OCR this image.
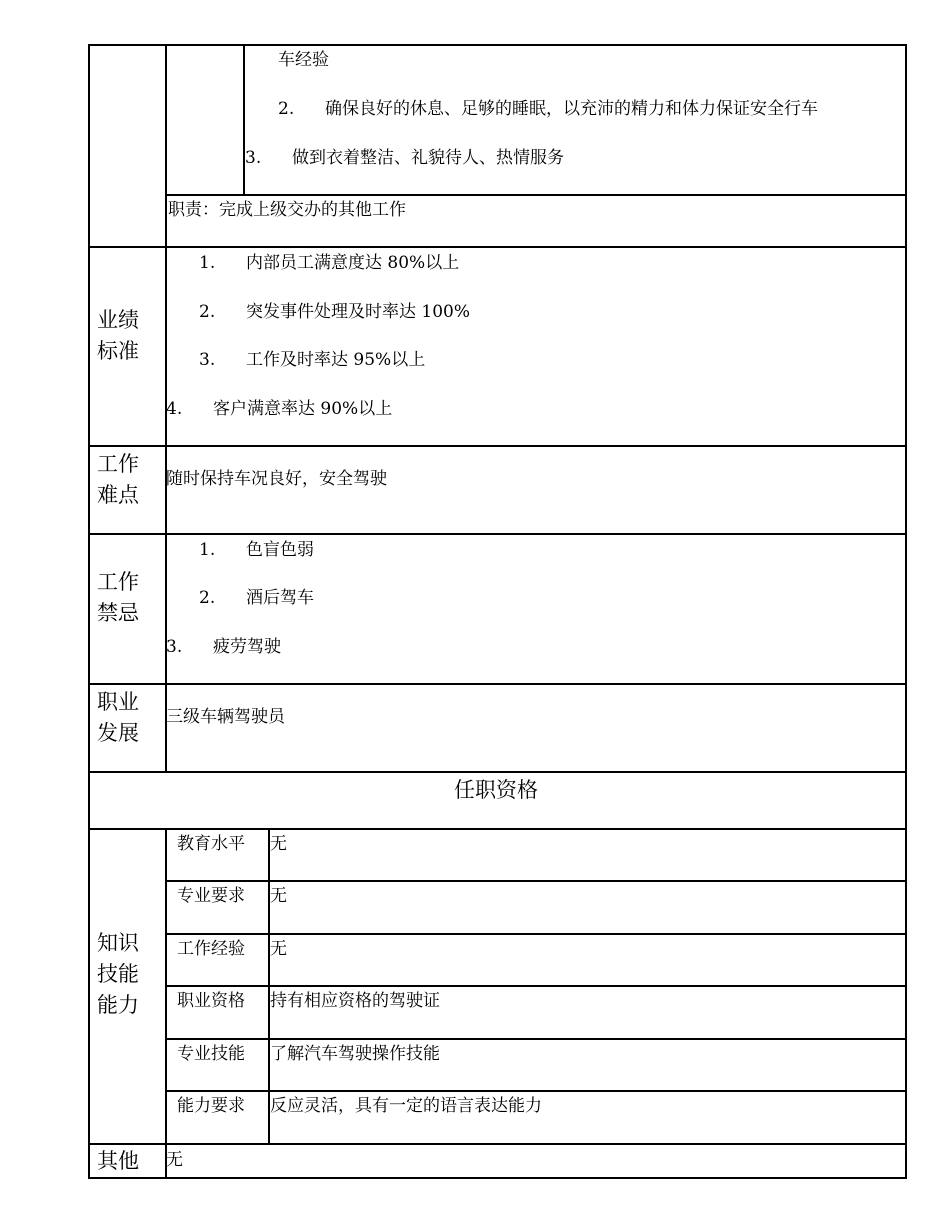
车经验
2. 确保良好的休息、足够的睡眠，以充沛的精力和体力保证安全行车
3. 做到衣着整洁、礼貌待人、热情服务
职责：完成上级交办的其他工作
业绩
标准
1. 内部员工满意度达 80%以上
2. 突发事件处理及时率达 100%
3. 工作及时率达 95%以上
4. 客户满意率达 90%以上
工作
难点
随时保持车况良好，安全驾驶
工作
禁忌
1. 色盲色弱
2. 酒后驾车
3. 疲劳驾驶
职业
发展
三级车辆驾驶员
任职资格
知识
技能
能力
教育水平 无
专业要求 无
工作经验 无
职业资格 持有相应资格的驾驶证
专业技能 了解汽车驾驶操作技能
能力要求 反应灵活，具有一定的语言表达能力
其他 无
